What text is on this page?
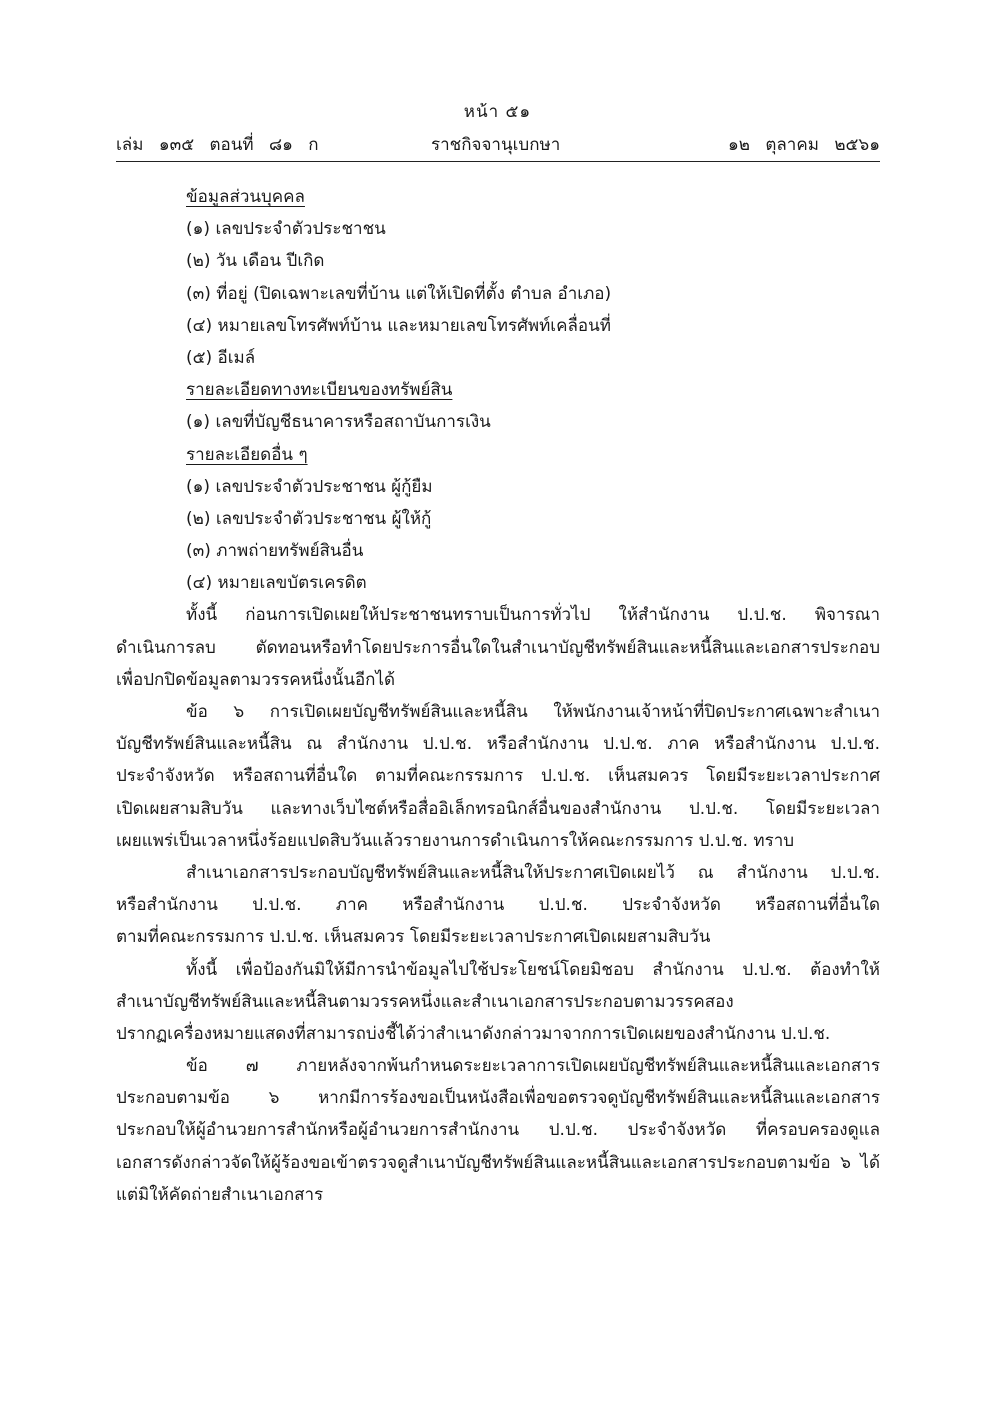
หน้า ๕๑
เล่ม ๑๓๕ ตอนที่ ๘๑ ก	ราชกิจจานุเบกษา	๑๒ ตุลาคม ๒๕๖๑
ข้อมูลส่วนบุคคล
(๑) เลขประจำตัวประชาชน
(๒) วัน เดือน ปีเกิด
(๓) ที่อยู่ (ปิดเฉพาะเลขที่บ้าน แต่ให้เปิดที่ตั้ง ตำบล อำเภอ)
(๔) หมายเลขโทรศัพท์บ้าน และหมายเลขโทรศัพท์เคลื่อนที่
(๕) อีเมล์
รายละเอียดทางทะเบียนของทรัพย์สิน
(๑) เลขที่บัญชีธนาคารหรือสถาบันการเงิน
รายละเอียดอื่น ๆ
(๑) เลขประจำตัวประชาชน ผู้กู้ยืม
(๒) เลขประจำตัวประชาชน ผู้ให้กู้
(๓) ภาพถ่ายทรัพย์สินอื่น
(๔) หมายเลขบัตรเครดิต
ทั้งนี้ ก่อนการเปิดเผยให้ประชาชนทราบเป็นการทั่วไป ให้สำนักงาน ป.ป.ช. พิจารณา
ดำเนินการลบ ตัดทอนหรือทำโดยประการอื่นใดในสำเนาบัญชีทรัพย์สินและหนี้สินและเอกสารประกอบ
เพื่อปกปิดข้อมูลตามวรรคหนึ่งนั้นอีกได้
ข้อ ๖ การเปิดเผยบัญชีทรัพย์สินและหนี้สิน ให้พนักงานเจ้าหน้าที่ปิดประกาศเฉพาะสำเนา
บัญชีทรัพย์สินและหนี้สิน ณ สำนักงาน ป.ป.ช. หรือสำนักงาน ป.ป.ช. ภาค หรือสำนักงาน ป.ป.ช.
ประจำจังหวัด หรือสถานที่อื่นใด ตามที่คณะกรรมการ ป.ป.ช. เห็นสมควร โดยมีระยะเวลาประกาศ
เปิดเผยสามสิบวัน และทางเว็บไซต์หรือสื่ออิเล็กทรอนิกส์อื่นของสำนักงาน ป.ป.ช. โดยมีระยะเวลา
เผยแพร่เป็นเวลาหนึ่งร้อยแปดสิบวันแล้วรายงานการดำเนินการให้คณะกรรมการ ป.ป.ช. ทราบ
สำเนาเอกสารประกอบบัญชีทรัพย์สินและหนี้สินให้ประกาศเปิดเผยไว้ ณ สำนักงาน ป.ป.ช.
หรือสำนักงาน ป.ป.ช. ภาค หรือสำนักงาน ป.ป.ช. ประจำจังหวัด หรือสถานที่อื่นใด
ตามที่คณะกรรมการ ป.ป.ช. เห็นสมควร โดยมีระยะเวลาประกาศเปิดเผยสามสิบวัน
ทั้งนี้ เพื่อป้องกันมิให้มีการนำข้อมูลไปใช้ประโยชน์โดยมิชอบ สำนักงาน ป.ป.ช. ต้องทำให้
สำเนาบัญชีทรัพย์สินและหนี้สินตามวรรคหนึ่งและสำเนาเอกสารประกอบตามวรรคสอง
ปรากฏเครื่องหมายแสดงที่สามารถบ่งชี้ได้ว่าสำเนาดังกล่าวมาจากการเปิดเผยของสำนักงาน ป.ป.ช.
ข้อ ๗ ภายหลังจากพ้นกำหนดระยะเวลาการเปิดเผยบัญชีทรัพย์สินและหนี้สินและเอกสาร
ประกอบตามข้อ ๖ หากมีการร้องขอเป็นหนังสือเพื่อขอตรวจดูบัญชีทรัพย์สินและหนี้สินและเอกสาร
ประกอบให้ผู้อำนวยการสำนักหรือผู้อำนวยการสำนักงาน ป.ป.ช. ประจำจังหวัด ที่ครอบครองดูแล
เอกสารดังกล่าวจัดให้ผู้ร้องขอเข้าตรวจดูสำเนาบัญชีทรัพย์สินและหนี้สินและเอกสารประกอบตามข้อ ๖ ได้
แต่มิให้คัดถ่ายสำเนาเอกสาร
